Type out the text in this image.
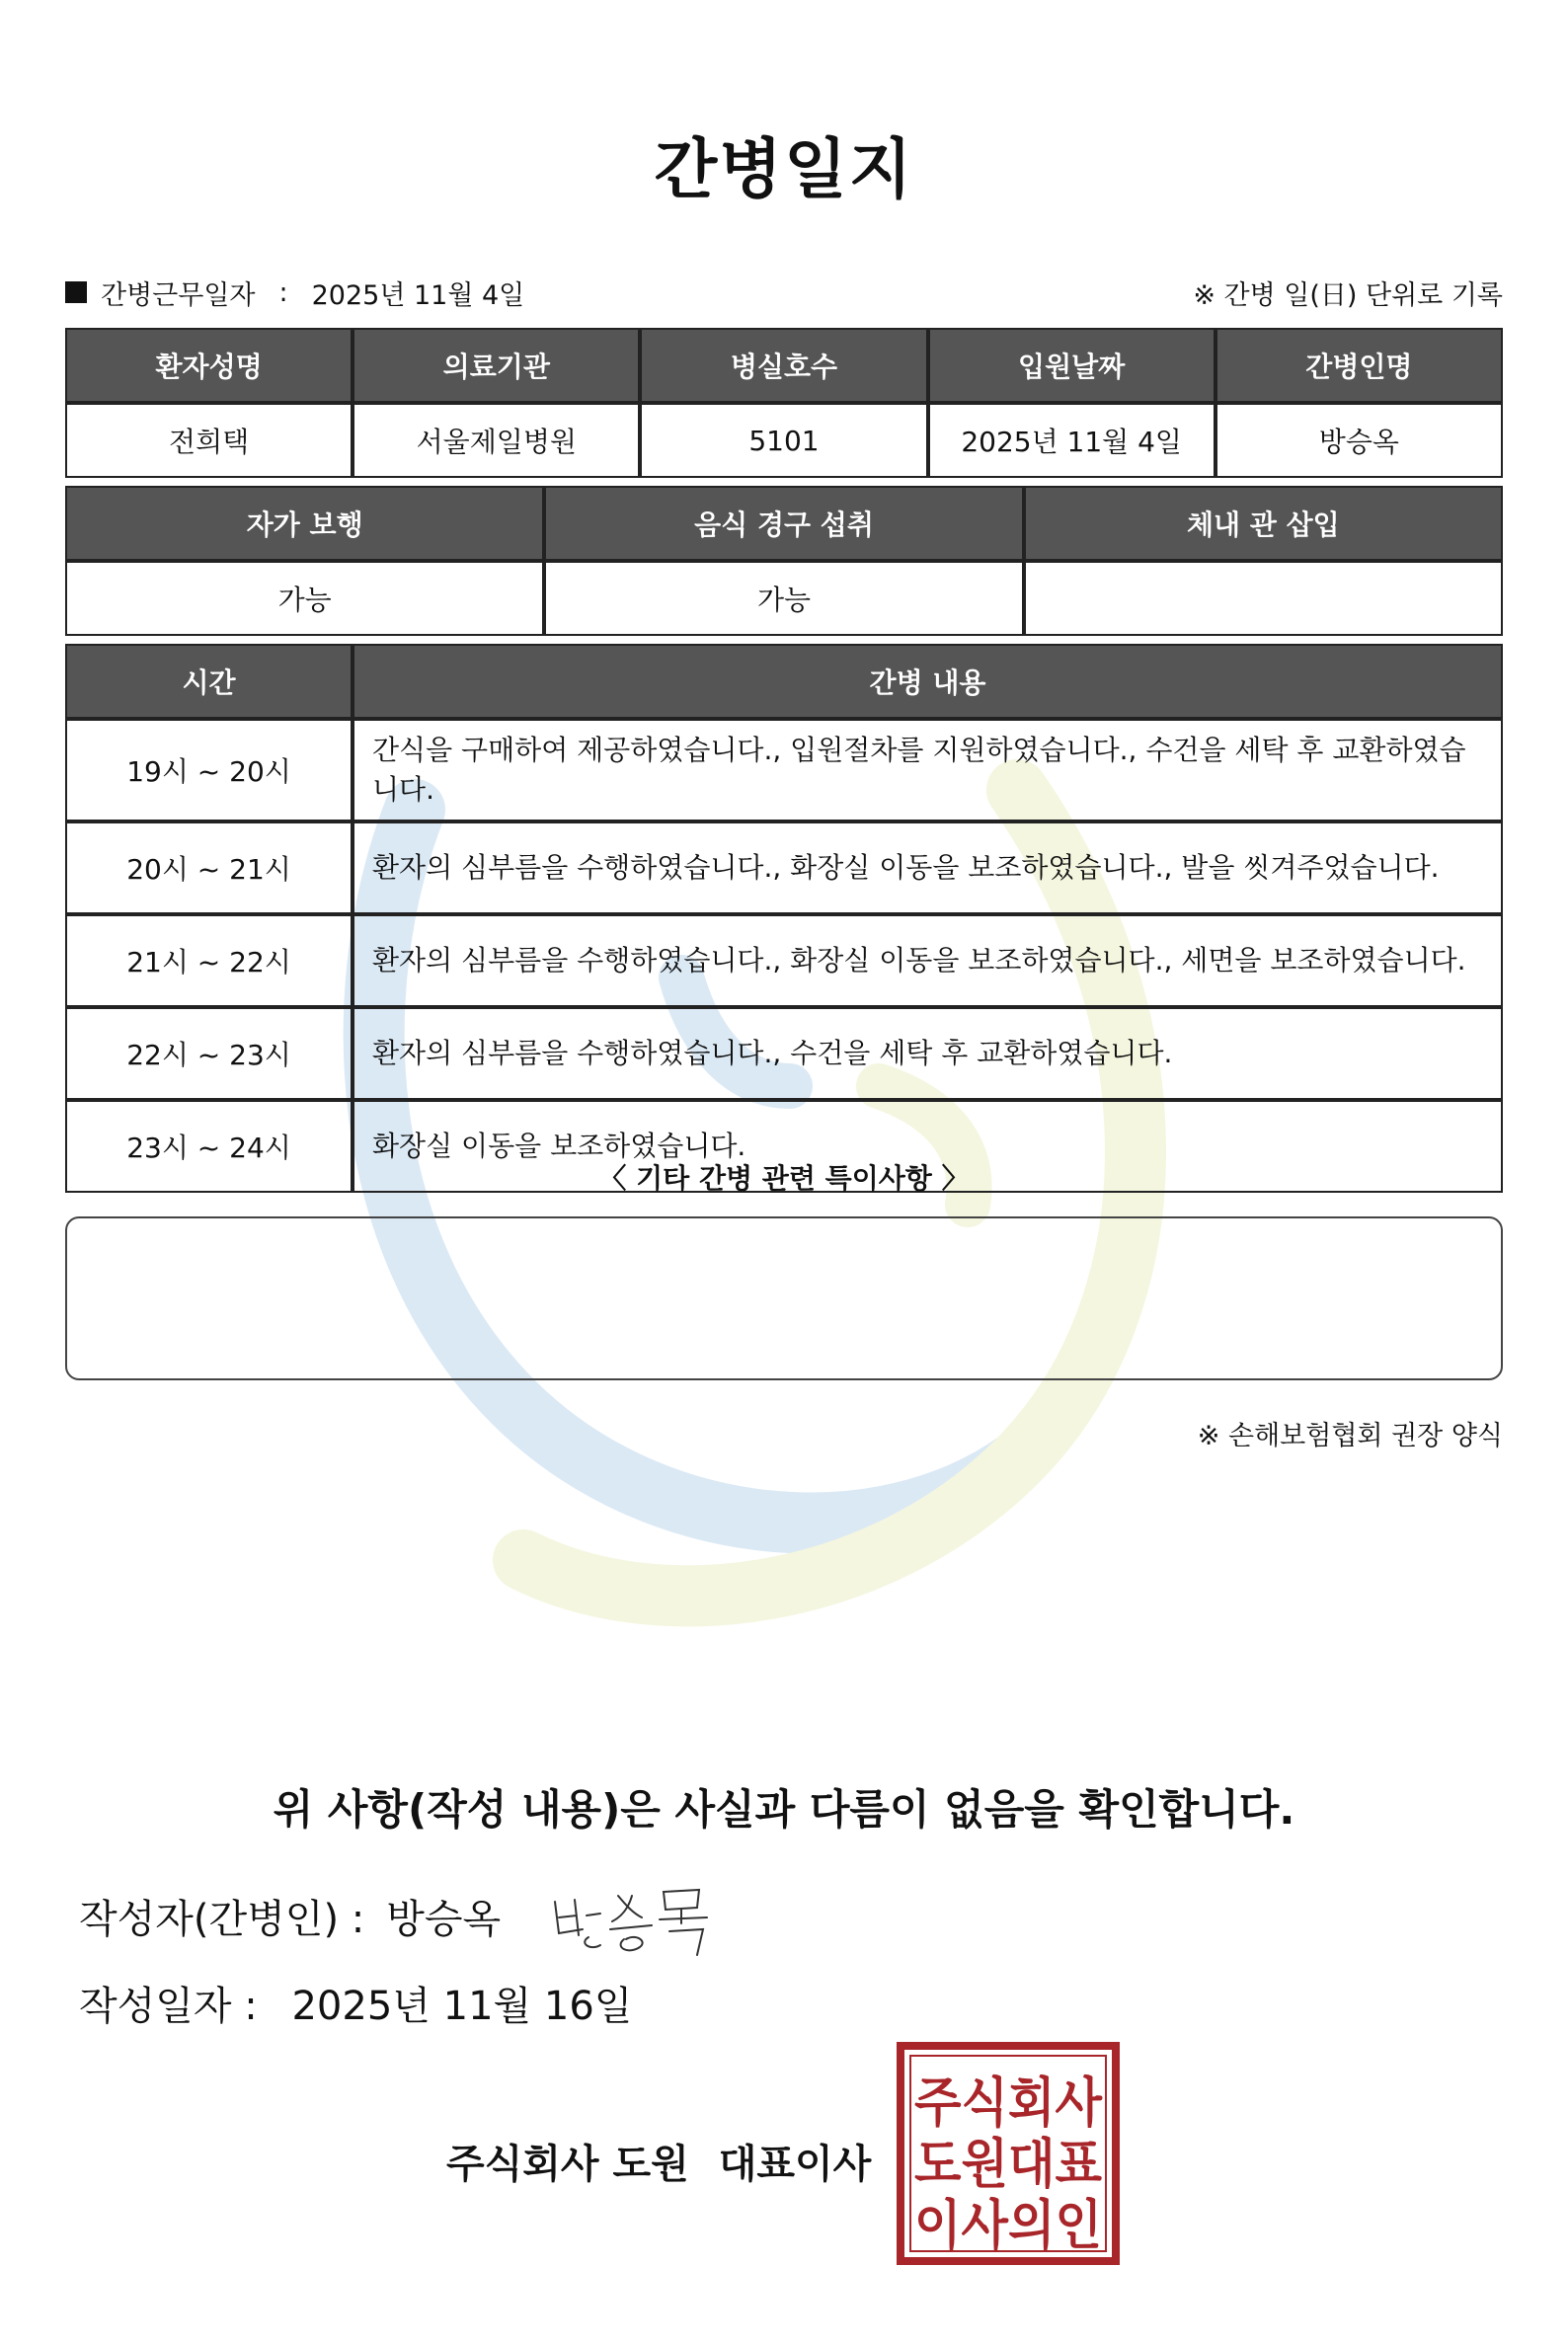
간병일지
간병근무일자 : 2025년 11월 4일	※ 간병 일(日) 단위로 기록
환자성명	의료기관	병실호수	입원날짜	간병인명
전희택	서울제일병원	5101	2025년 11월 4일	방승옥
자가 보행	음식 경구 섭취	체내 관 삽입
가능	가능	
시간	간병 내용
19시 ~ 20시	간식을 구매하여 제공하였습니다., 입원절차를 지원하였습니다., 수건을 세탁 후 교환하였습니다.
20시 ~ 21시	환자의 심부름을 수행하였습니다., 화장실 이동을 보조하였습니다., 발을 씻겨주었습니다.
21시 ~ 22시	환자의 심부름을 수행하였습니다., 화장실 이동을 보조하였습니다., 세면을 보조하였습니다.
22시 ~ 23시	환자의 심부름을 수행하였습니다., 수건을 세탁 후 교환하였습니다.
23시 ~ 24시	화장실 이동을 보조하였습니다.
〈 기타 간병 관련 특이사항 〉
※ 손해보험협회 권장 양식
위 사항(작성 내용)은 사실과 다름이 없음을 확인합니다.
작성자(간병인) : 방승옥
작성일자 : 2025년 11월 16일
주식회사 도원 대표이사
주식회사
도원대표
이사의인
